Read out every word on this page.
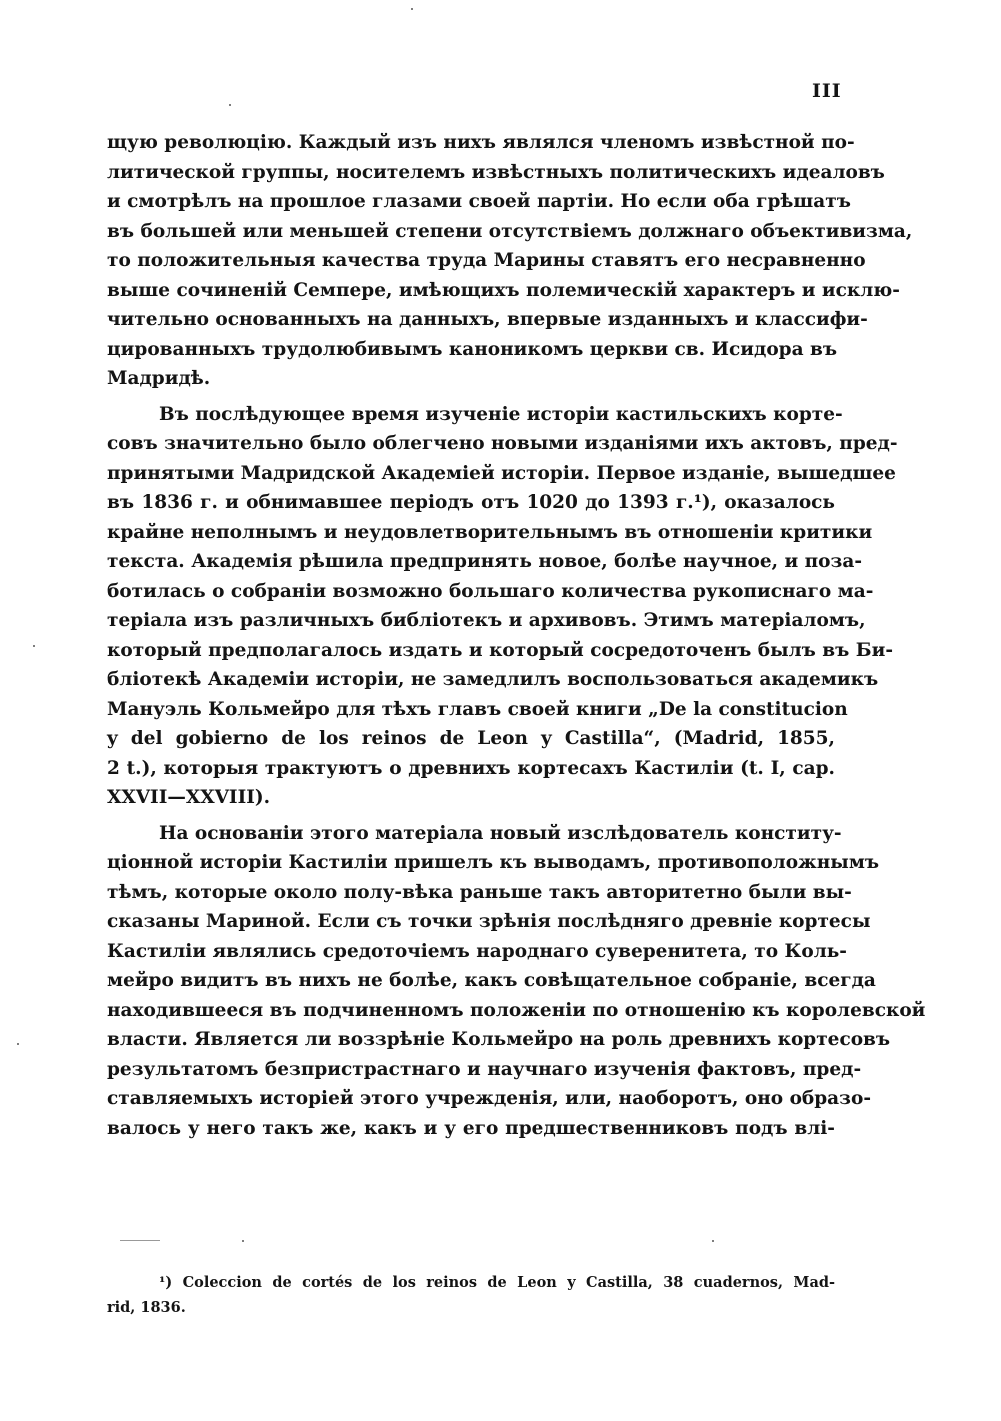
III
щую революцію. Каждый изъ нихъ являлся членомъ извѣстной по-
литической группы, носителемъ извѣстныхъ политическихъ идеаловъ
и смотрѣлъ на прошлое глазами своей партіи. Но если оба грѣшатъ
въ большей или меньшей степени отсутствіемъ должнаго объективизма,
то положительныя качества труда Марины ставятъ его несравненно
выше сочиненій Семпере, имѣющихъ полемическій характеръ и исклю-
чительно основанныхъ на данныхъ, впервые изданныхъ и классифи-
цированныхъ трудолюбивымъ каноникомъ церкви св. Исидора въ
Мадридѣ.
Въ послѣдующее время изученіе исторіи кастильскихъ корте-
совъ значительно было облегчено новыми изданіями ихъ актовъ, пред-
принятыми Мадридской Академіей исторіи. Первое изданіе, вышедшее
въ 1836 г. и обнимавшее періодъ отъ 1020 до 1393 г.¹), оказалось
крайне неполнымъ и неудовлетворительнымъ въ отношеніи критики
текста. Академія рѣшила предпринять новое, болѣе научное, и поза-
ботилась о собраніи возможно большаго количества рукописнаго ма-
теріала изъ различныхъ библіотекъ и архивовъ. Этимъ матеріаломъ,
который предполагалось издать и который сосредоточенъ былъ въ Би-
бліотекѣ Академіи исторіи, не замедлилъ воспользоваться академикъ
Мануэль Кольмейро для тѣхъ главъ своей книги „De la constitucion
y del gobierno de los reinos de Leon y Castilla“, (Madrid, 1855,
2 t.), которыя трактуютъ о древнихъ кортесахъ Кастиліи (t. I, cap.
XXVII—XXVIII).
На основаніи этого матеріала новый изслѣдователь конститу-
ціонной исторіи Кастиліи пришелъ къ выводамъ, противоположнымъ
тѣмъ, которые около полу-вѣка раньше такъ авторитетно были вы-
сказаны Мариной. Если съ точки зрѣнія послѣдняго древніе кортесы
Кастиліи являлись средоточіемъ народнаго суверенитета, то Коль-
мейро видитъ въ нихъ не болѣе, какъ совѣщательное собраніе, всегда
находившееся въ подчиненномъ положеніи по отношенію къ королевской
власти. Является ли воззрѣніе Кольмейро на роль древнихъ кортесовъ
результатомъ безпристрастнаго и научнаго изученія фактовъ, пред-
ставляемыхъ исторіей этого учрежденія, или, наоборотъ, оно образо-
валось у него такъ же, какъ и у его предшественниковъ подъ влі-
¹) Coleccion de cortés de los reinos de Leon y Castilla, 38 cuadernos, Mad-
rid, 1836.
